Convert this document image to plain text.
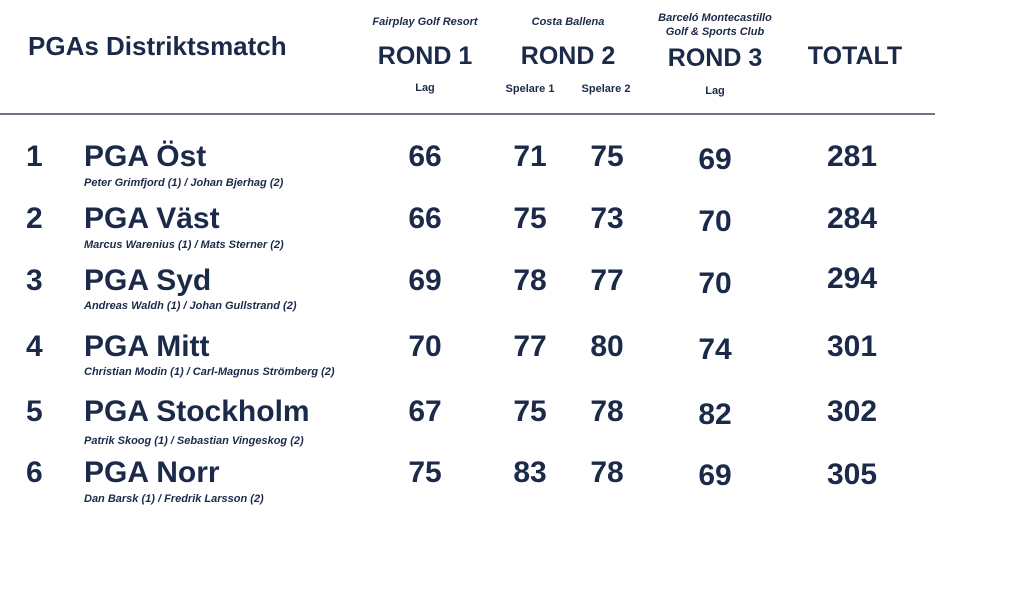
PGAs Distriktsmatch
Fairplay Golf Resort
ROND 1
Lag
Costa Ballena
ROND 2
Spelare 1	Spelare 2
Barceló Montecastillo
Golf & Sports Club
ROND 3
Lag
TOTALT
1	PGA Öst
Peter Grimfjord (1) / Johan Bjerhag (2)
66	71	75	69	281
2	PGA Väst
Marcus Warenius (1) / Mats Sterner (2)
66	75	73	70	284
3	PGA Syd
Andreas Waldh (1) / Johan Gullstrand (2)
69	78	77	70	294
4	PGA Mitt
Christian Modin (1) / Carl-Magnus Strömberg (2)
70	77	80	74	301
5	PGA Stockholm
Patrik Skoog (1) / Sebastian Vingeskog (2)
67	75	78	82	302
6	PGA Norr
Dan Barsk (1) / Fredrik Larsson (2)
75	83	78	69	305
